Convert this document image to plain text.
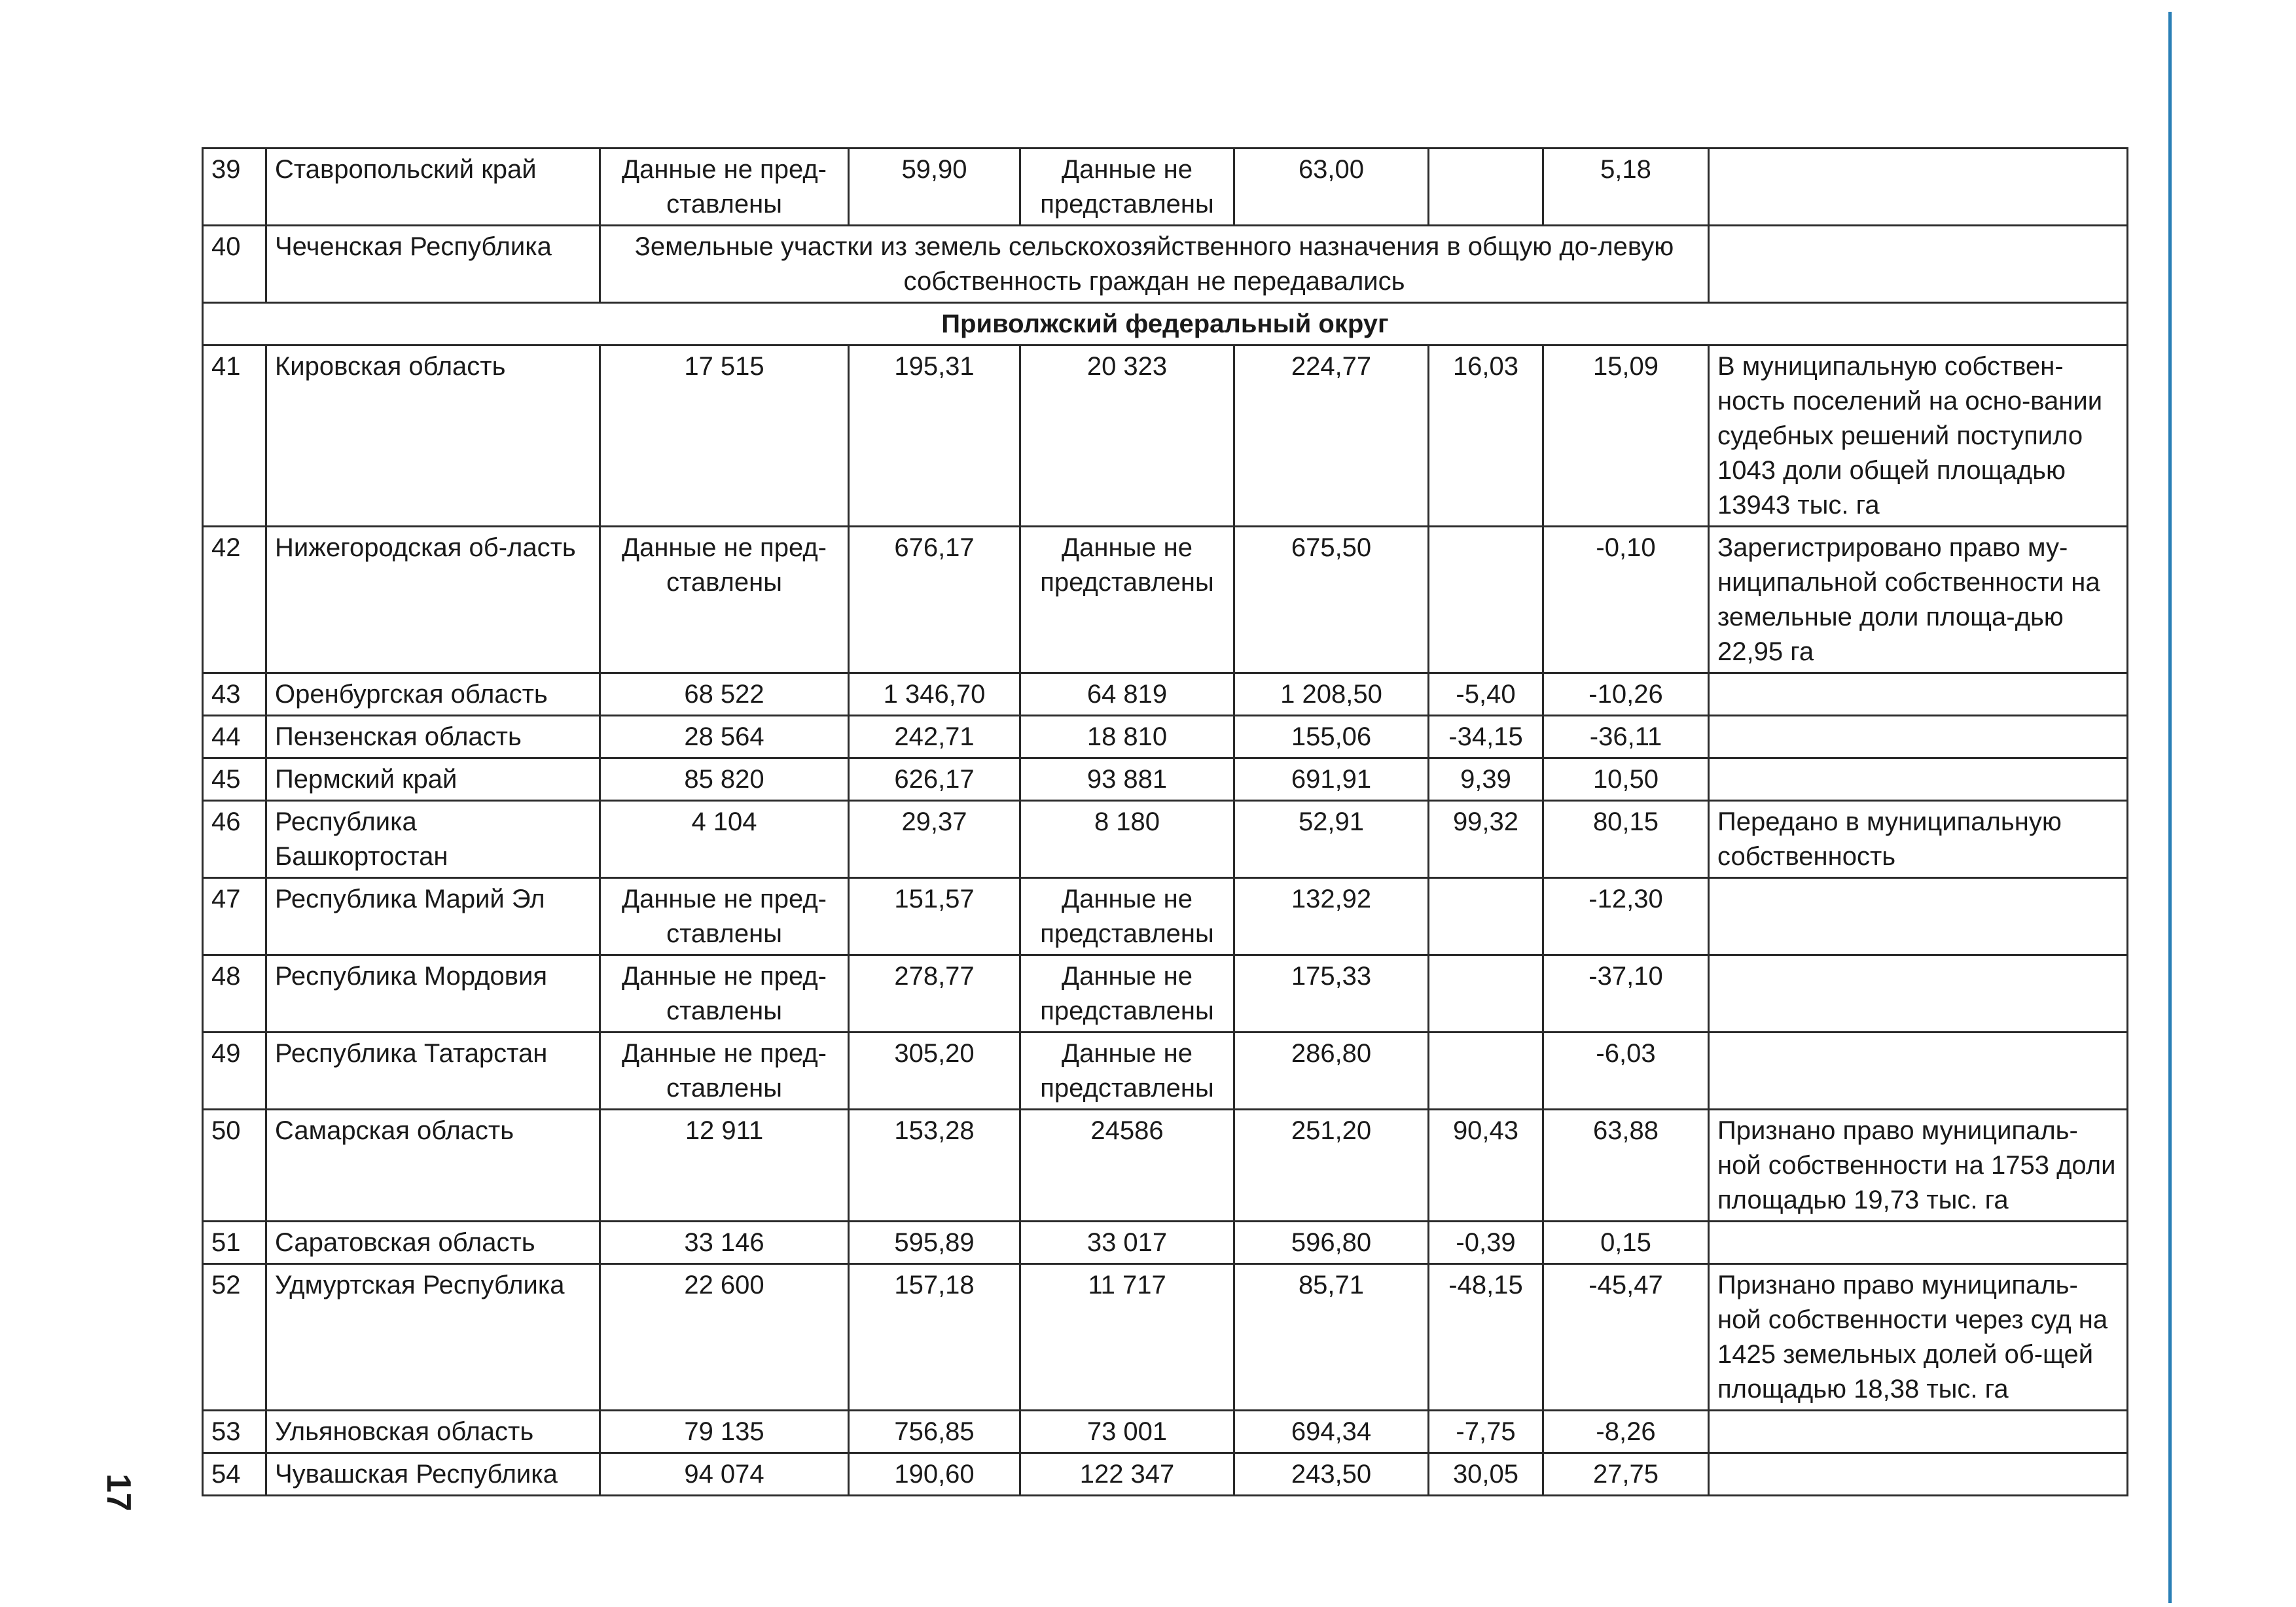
17
39	Ставропольский край	Данные не пред-ставлены	59,90	Данные не представлены	63,00		5,18	
40	Чеченская Республика	Земельные участки из земель сельскохозяйственного назначения в общую до-левую собственность граждан не передавались						
Приволжский федеральный округ								
41	Кировская область	17 515	195,31	20 323	224,77	16,03	15,09	В муниципальную собствен-ность поселений на осно-вании судебных решений поступило 1043 доли общей площадью 13943 тыс. га
42	Нижегородская об-ласть	Данные не пред-ставлены	676,17	Данные не представлены	675,50		-0,10	Зарегистрировано право му-ниципальной собственности на земельные доли площа-дью 22,95 га
43	Оренбургская область	68 522	1 346,70	64 819	1 208,50	-5,40	-10,26	
44	Пензенская область	28 564	242,71	18 810	155,06	-34,15	-36,11	
45	Пермский край	85 820	626,17	93 881	691,91	9,39	10,50	
46	Республика Башкортостан	4 104	29,37	8 180	52,91	99,32	80,15	Передано в муниципальную собственность
47	Республика Марий Эл	Данные не пред-ставлены	151,57	Данные не представлены	132,92		-12,30	
48	Республика Мордовия	Данные не пред-ставлены	278,77	Данные не представлены	175,33		-37,10	
49	Республика Татарстан	Данные не пред-ставлены	305,20	Данные не представлены	286,80		-6,03	
50	Самарская область	12 911	153,28	24586	251,20	90,43	63,88	Признано право муниципаль-ной собственности на 1753 доли площадью 19,73 тыс. га
51	Саратовская область	33 146	595,89	33 017	596,80	-0,39	0,15	
52	Удмуртская Республика	22 600	157,18	11 717	85,71	-48,15	-45,47	Признано право муниципаль-ной собственности через суд на 1425 земельных долей об-щей площадью 18,38 тыс. га
53	Ульяновская область	79 135	756,85	73 001	694,34	-7,75	-8,26	
54	Чувашская Республика	94 074	190,60	122 347	243,50	30,05	27,75	
